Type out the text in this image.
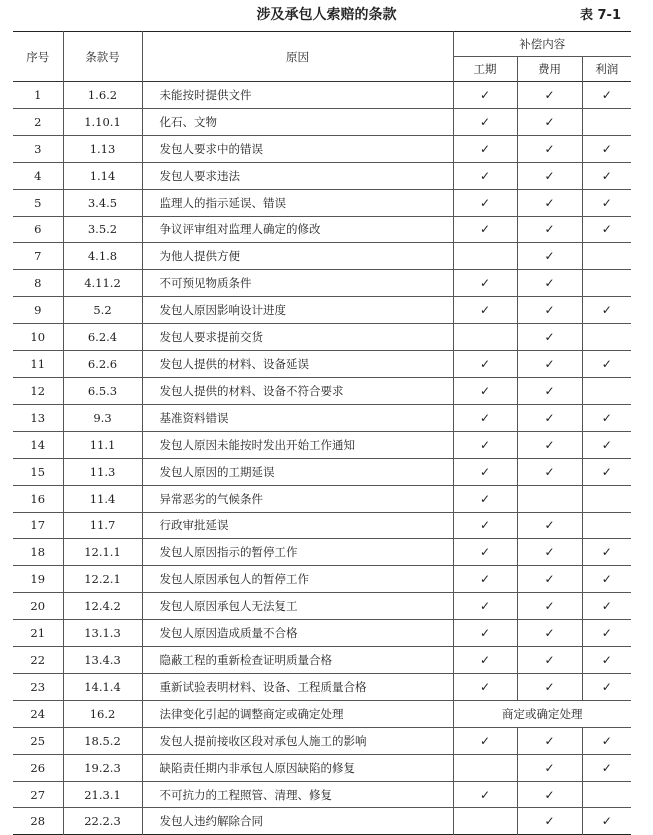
涉及承包人索赔的条款	表 7-1
序号	条款号	原因	补偿内容		
			工期	费用	利润
1	1.6.2	未能按时提供文件	✓	✓	✓
2	1.10.1	化石、文物	✓	✓	
3	1.13	发包人要求中的错误	✓	✓	✓
4	1.14	发包人要求违法	✓	✓	✓
5	3.4.5	监理人的指示延误、错误	✓	✓	✓
6	3.5.2	争议评审组对监理人确定的修改	✓	✓	✓
7	4.1.8	为他人提供方便		✓	
8	4.11.2	不可预见物质条件	✓	✓	
9	5.2	发包人原因影响设计进度	✓	✓	✓
10	6.2.4	发包人要求提前交货		✓	
11	6.2.6	发包人提供的材料、设备延误	✓	✓	✓
12	6.5.3	发包人提供的材料、设备不符合要求	✓	✓	
13	9.3	基准资料错误	✓	✓	✓
14	11.1	发包人原因未能按时发出开始工作通知	✓	✓	✓
15	11.3	发包人原因的工期延误	✓	✓	✓
16	11.4	异常恶劣的气候条件	✓		
17	11.7	行政审批延误	✓	✓	
18	12.1.1	发包人原因指示的暂停工作	✓	✓	✓
19	12.2.1	发包人原因承包人的暂停工作	✓	✓	✓
20	12.4.2	发包人原因承包人无法复工	✓	✓	✓
21	13.1.3	发包人原因造成质量不合格	✓	✓	✓
22	13.4.3	隐蔽工程的重新检查证明质量合格	✓	✓	✓
23	14.1.4	重新试验表明材料、设备、工程质量合格	✓	✓	✓
24	16.2	法律变化引起的调整商定或确定处理	商定或确定处理		
25	18.5.2	发包人提前接收区段对承包人施工的影响	✓	✓	✓
26	19.2.3	缺陷责任期内非承包人原因缺陷的修复		✓	✓
27	21.3.1	不可抗力的工程照管、清理、修复	✓	✓	
28	22.2.3	发包人违约解除合同		✓	✓
